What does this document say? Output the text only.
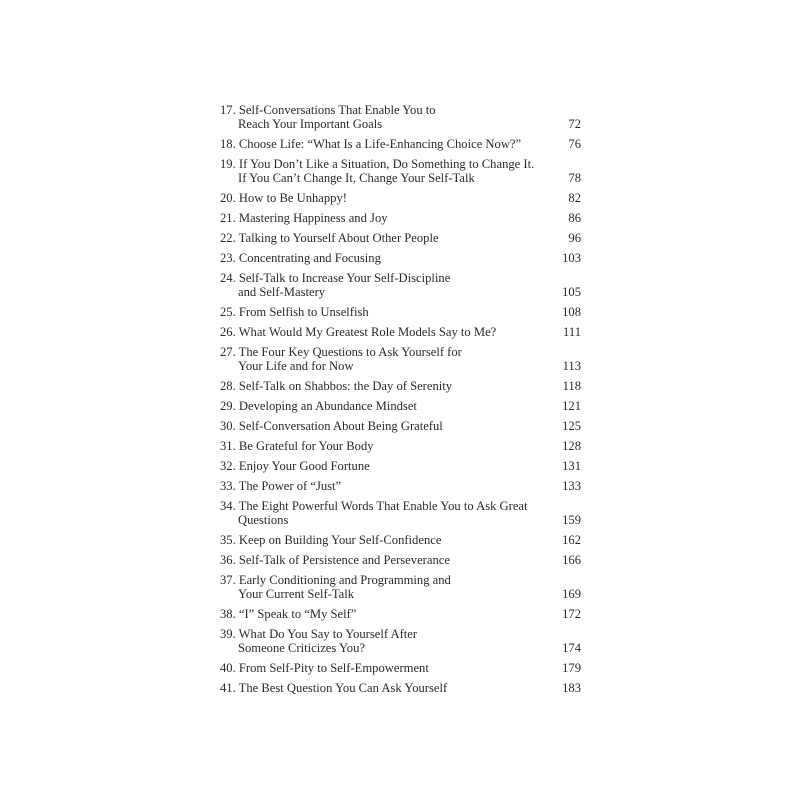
17. Self-Conversations That Enable You to
Reach Your Important Goals	72
18. Choose Life: “What Is a Life-Enhancing Choice Now?”	76
19. If You Don’t Like a Situation, Do Something to Change It.
If You Can’t Change It, Change Your Self-Talk	78
20. How to Be Unhappy!	82
21. Mastering Happiness and Joy	86
22. Talking to Yourself About Other People	96
23. Concentrating and Focusing	103
24. Self-Talk to Increase Your Self-Discipline
and Self-Mastery	105
25. From Selfish to Unselfish	108
26. What Would My Greatest Role Models Say to Me?	111
27. The Four Key Questions to Ask Yourself for
Your Life and for Now	113
28. Self-Talk on Shabbos: the Day of Serenity	118
29. Developing an Abundance Mindset	121
30. Self-Conversation About Being Grateful	125
31. Be Grateful for Your Body	128
32. Enjoy Your Good Fortune	131
33. The Power of “Just”	133
34. The Eight Powerful Words That Enable You to Ask Great
Questions	159
35. Keep on Building Your Self-Confidence	162
36. Self-Talk of Persistence and Perseverance	166
37. Early Conditioning and Programming and
Your Current Self-Talk	169
38. “I” Speak to “My Self”	172
39. What Do You Say to Yourself After
Someone Criticizes You?	174
40. From Self-Pity to Self-Empowerment	179
41. The Best Question You Can Ask Yourself	183
